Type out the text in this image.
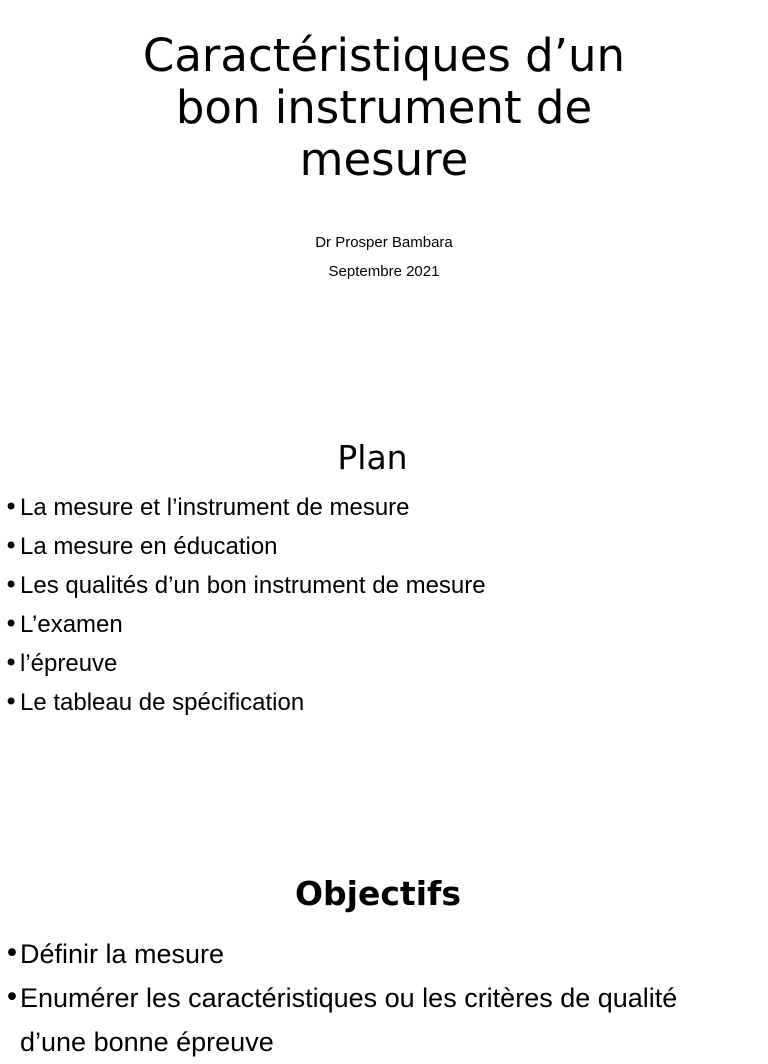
Caractéristiques d’un
bon instrument de
mesure
Dr Prosper Bambara
Septembre 2021
Plan
• La mesure et l’instrument de mesure
• La mesure en éducation
• Les qualités d’un bon instrument de mesure
• L’examen
• l’épreuve
• Le tableau de spécification
Objectifs
• Définir la mesure
• Enumérer les caractéristiques ou les critères de qualité
d’une bonne épreuve
